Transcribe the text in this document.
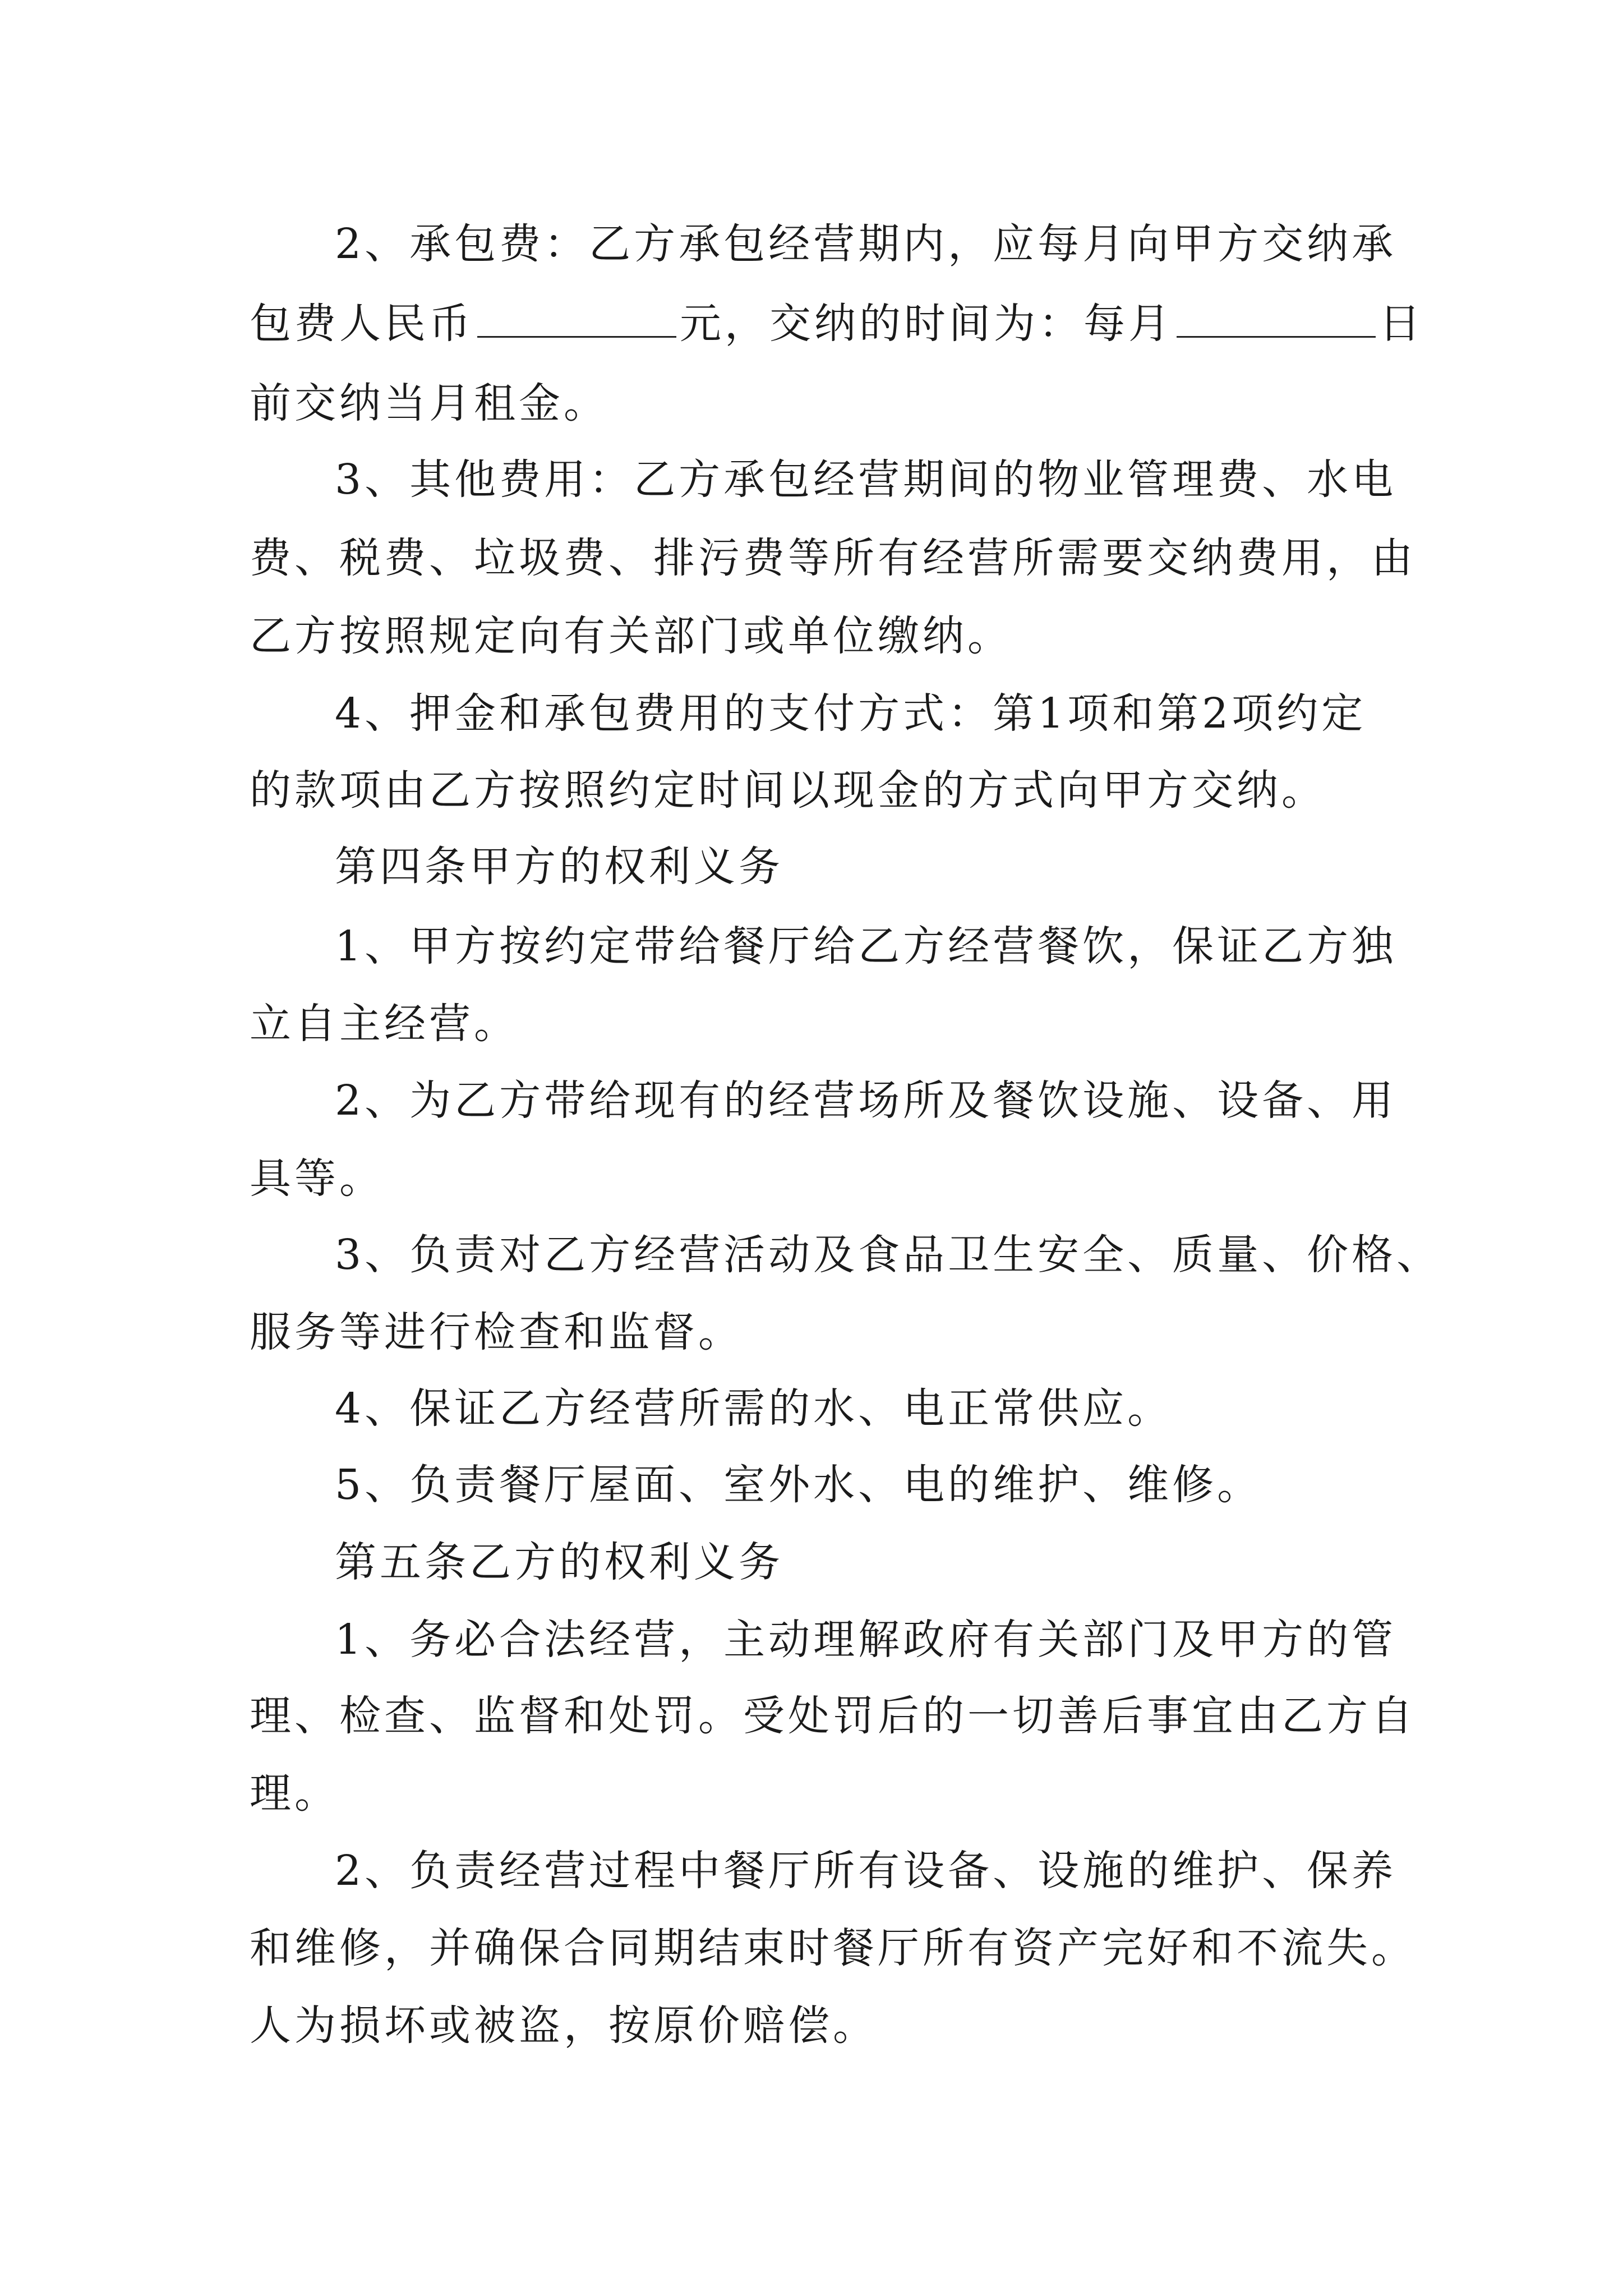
2、承包费：乙方承包经营期内，应每月向甲方交纳承
包费人民币	元，交纳的时间为：每月	日
前交纳当月租金。
3、其他费用：乙方承包经营期间的物业管理费、水电
费、税费、垃圾费、排污费等所有经营所需要交纳费用，由
乙方按照规定向有关部门或单位缴纳。
4、押金和承包费用的支付方式：第1项和第2项约定
的款项由乙方按照约定时间以现金的方式向甲方交纳。
第四条甲方的权利义务
1、甲方按约定带给餐厅给乙方经营餐饮，保证乙方独
立自主经营。
2、为乙方带给现有的经营场所及餐饮设施、设备、用
具等。
3、负责对乙方经营活动及食品卫生安全、质量、价格、
服务等进行检查和监督。
4、保证乙方经营所需的水、电正常供应。
5、负责餐厅屋面、室外水、电的维护、维修。
第五条乙方的权利义务
1、务必合法经营，主动理解政府有关部门及甲方的管
理、检查、监督和处罚。受处罚后的一切善后事宜由乙方自
理。
2、负责经营过程中餐厅所有设备、设施的维护、保养
和维修，并确保合同期结束时餐厅所有资产完好和不流失。
人为损坏或被盗，按原价赔偿。
